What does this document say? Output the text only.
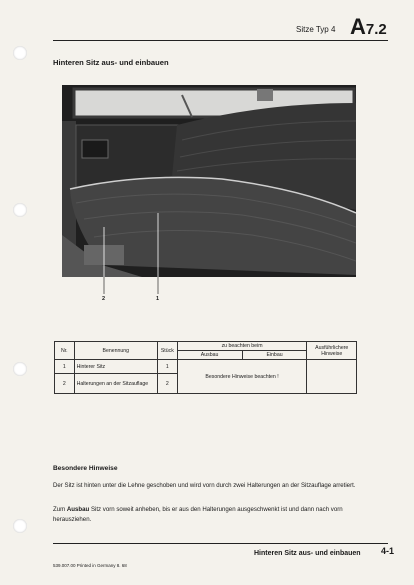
Sitze Typ 4 A7.2
Hinteren Sitz aus- und einbauen
2	1
Nr.	Benennung	Stück	zu beachten beim		Ausführlichere Hinweise
			Ausbau	Einbau	
1	Hinterer Sitz	1	Besondere Hinweise beachten !		
2	Halterungen an der Sitzauflage	2			
Besondere Hinweise

Der Sitz ist hinten unter die Lehne geschoben und wird vorn durch zwei Halterungen an der Sitzauflage arretiert.

Zum Ausbau Sitz vorn soweit anheben, bis er aus den Halterungen ausgeschwenkt ist und dann nach vorn herausziehen.

Hinteren Sitz aus- und einbauen 4-1
539.007.00 Printed in Germany 8. 68
